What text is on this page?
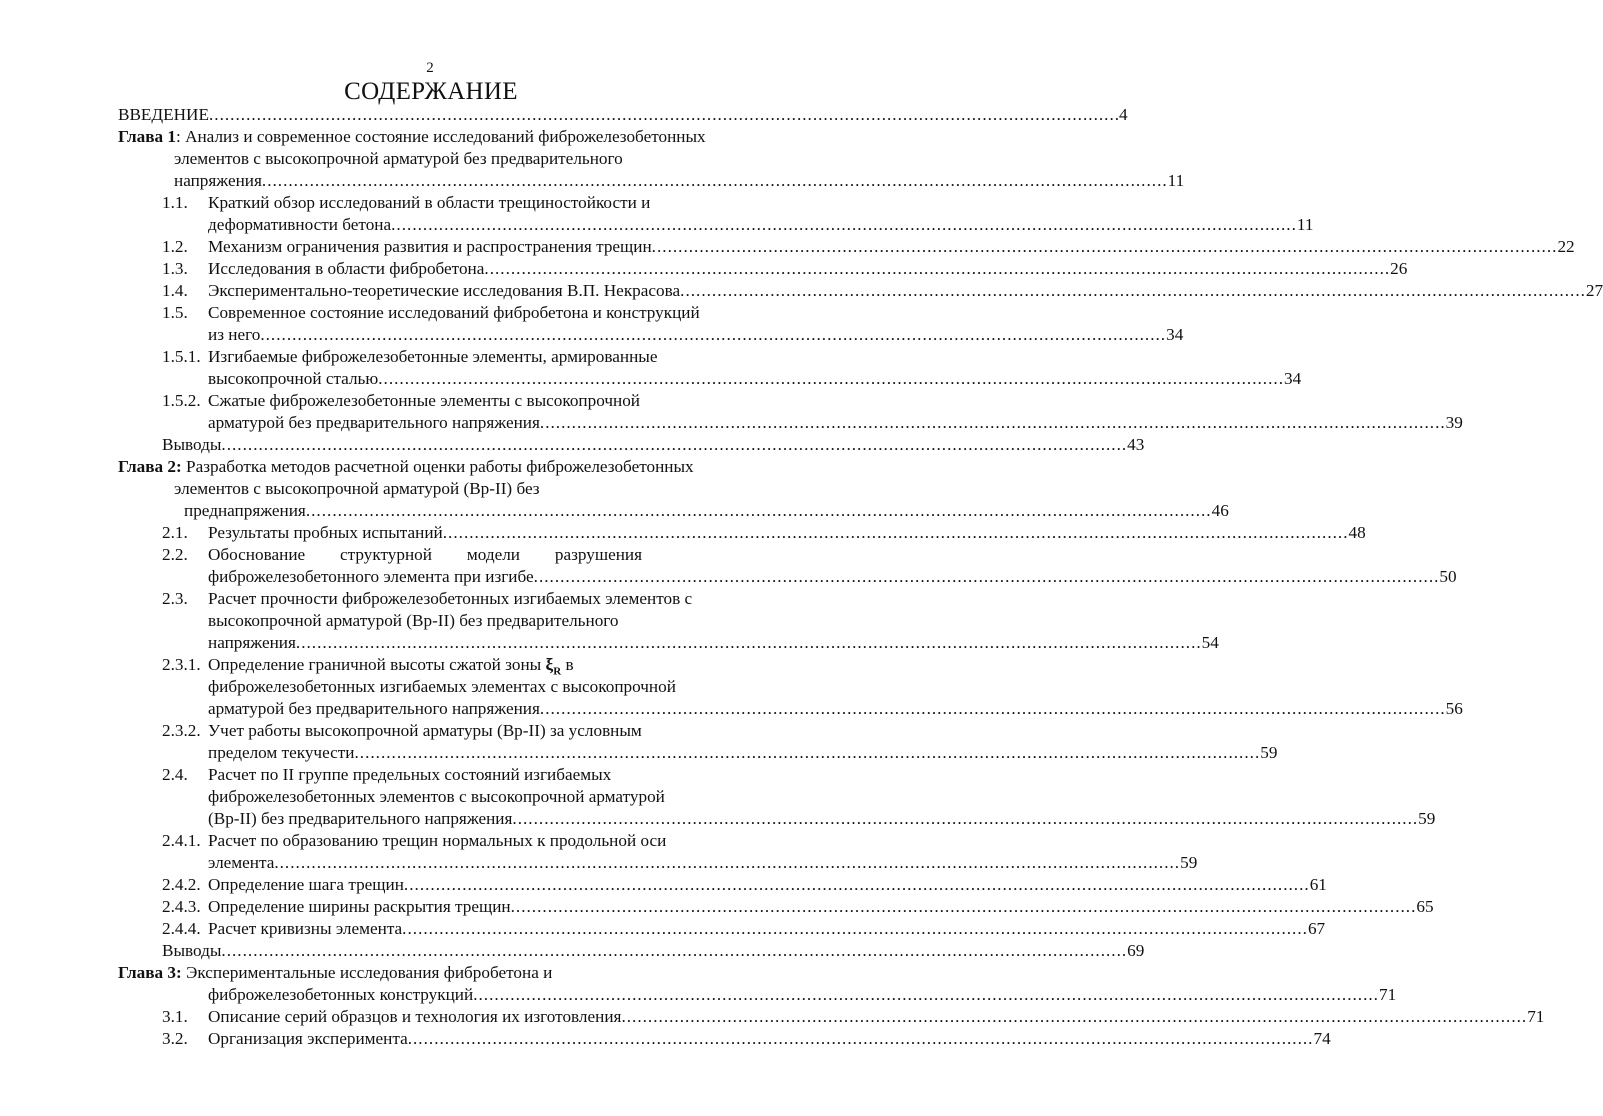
2
СОДЕРЖАНИЕ
ВВЕДЕНИЕ ........................................................................................................................................................................... .4
Глава 1: Анализ и современное состояние исследований фиброжелезобетонных
элементов с высокопрочной арматурой без предварительного
напряжения ........................................................................................................................................................................... 11
1.1. Краткий обзор исследований в области трещиностойкости и
деформативности бетона ........................................................................................................................................................................... 11
1.2.	Механизм ограничения развития и распространения трещин ........................................................................................................................................................................... 22
1.3.	Исследования в области фибробетона ........................................................................................................................................................................... 26
1.4.	Экспериментально-теоретические исследования В.П. Некрасова ........................................................................................................................................................................... 27
1.5. Современное состояние исследований фибробетона и конструкций
из него ........................................................................................................................................................................... 34
1.5.1. Изгибаемые фиброжелезобетонные элементы, армированные
высокопрочной сталью ........................................................................................................................................................................... 34
1.5.2. Сжатые фиброжелезобетонные элементы с высокопрочной
арматурой без предварительного напряжения ........................................................................................................................................................................... 39
Выводы ........................................................................................................................................................................... 43
Глава 2: Разработка методов расчетной оценки работы фиброжелезобетонных
элементов с высокопрочной арматурой (Вр-II) без
преднапряжения ........................................................................................................................................................................... 46
2.1.	Результаты пробных испытаний ........................................................................................................................................................................... 48
2.2.	Обоснование структурной модели разрушения
фиброжелезобетонного элемента при изгибе ........................................................................................................................................................................... 50
2.3. Расчет прочности фиброжелезобетонных изгибаемых элементов с
высокопрочной арматурой (Вр-II) без предварительного
напряжения ........................................................................................................................................................................... 54
2.3.1. Определение граничной высоты сжатой зоны $\xi_R$ в
фиброжелезобетонных изгибаемых элементах с высокопрочной
арматурой без предварительного напряжения ........................................................................................................................................................................... 56
2.3.2. Учет работы высокопрочной арматуры (Вр-II) за условным
пределом текучести ........................................................................................................................................................................... 59
2.4. Расчет по II группе предельных состояний изгибаемых
фиброжелезобетонных элементов с высокопрочной арматурой
(Вр-II) без предварительного напряжения ........................................................................................................................................................................... 59
2.4.1. Расчет по образованию трещин нормальных к продольной оси
элемента ........................................................................................................................................................................... 59
2.4.2. Определение шага трещин ........................................................................................................................................................................... 61
2.4.3. Определение ширины раскрытия трещин ........................................................................................................................................................................... 65
2.4.4. Расчет кривизны элемента ........................................................................................................................................................................... 67
Выводы ........................................................................................................................................................................... 69
Глава 3: Экспериментальные исследования фибробетона и
фиброжелезобетонных конструкций ........................................................................................................................................................................... 71
3.1.	Описание серий образцов и технология их изготовления ........................................................................................................................................................................... 71
3.2.	Организация эксперимента ........................................................................................................................................................................... 74
